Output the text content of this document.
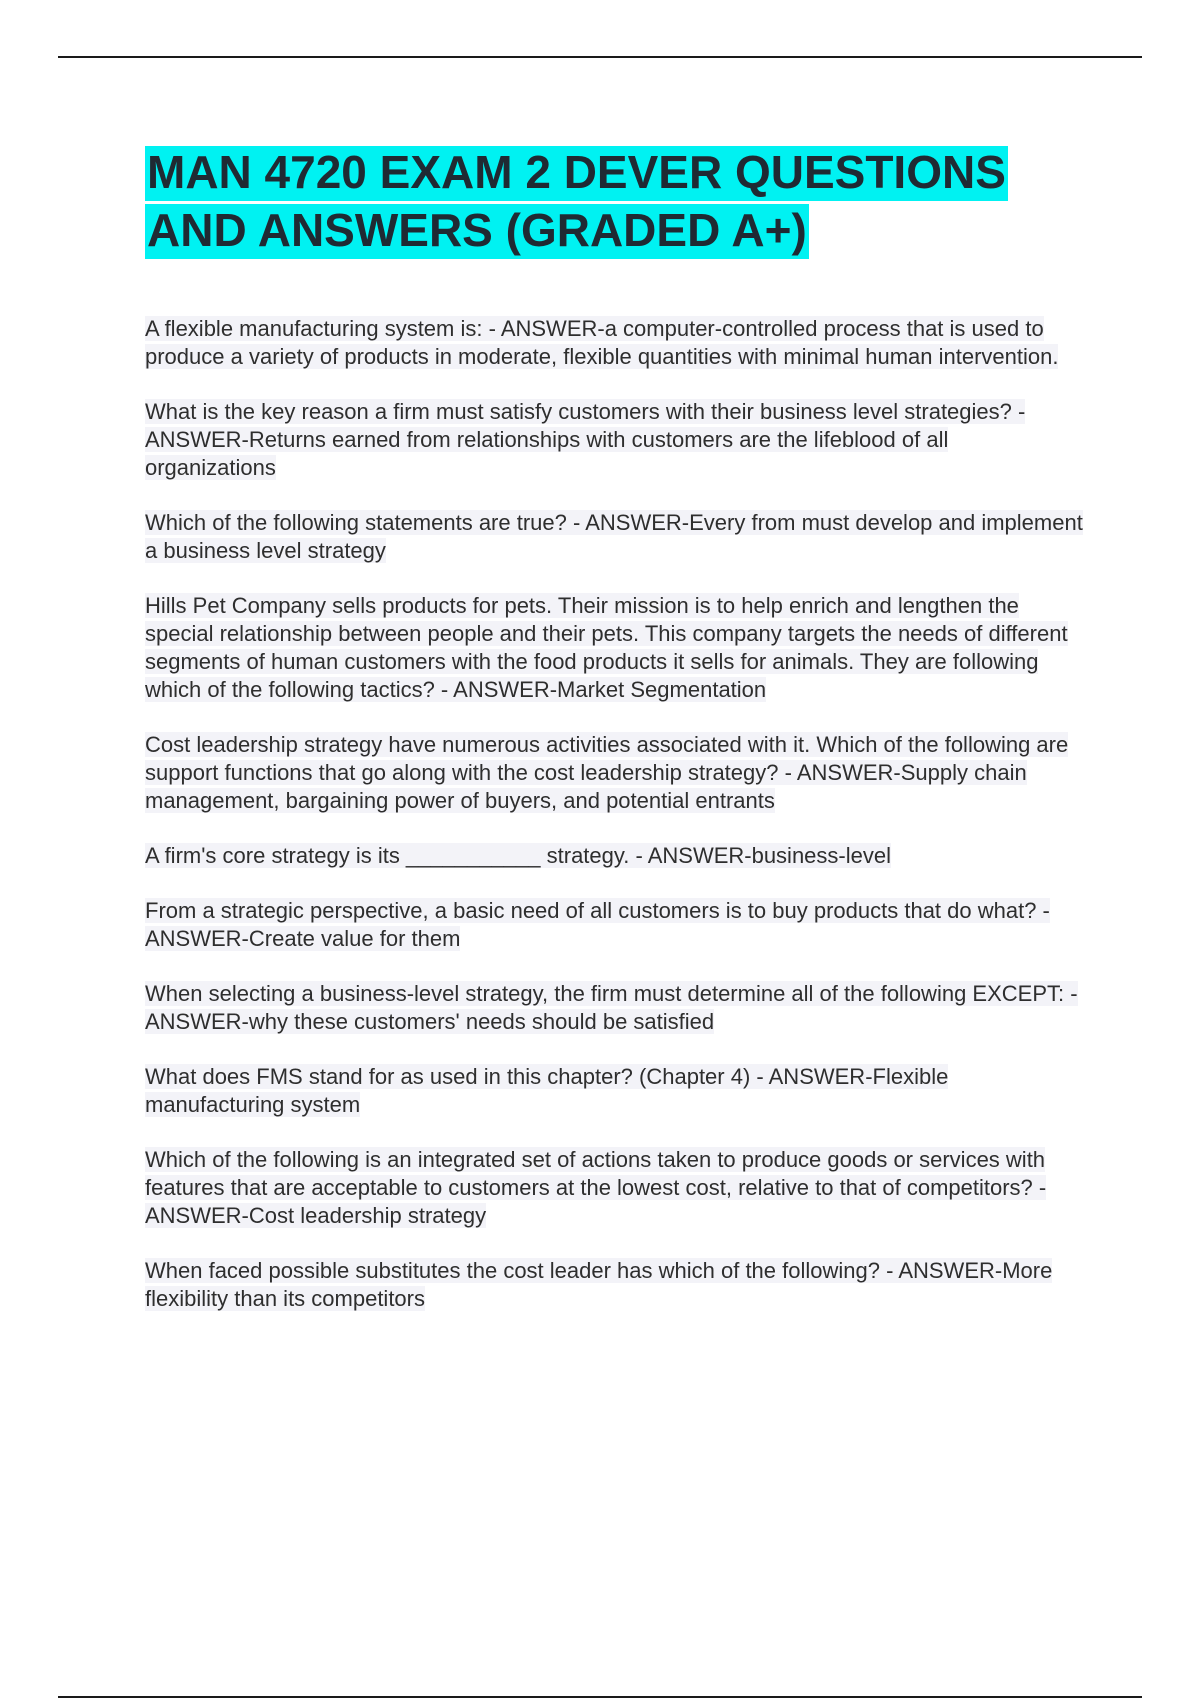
MAN 4720 EXAM 2 DEVER QUESTIONS AND ANSWERS (GRADED A+)

A flexible manufacturing system is: - ANSWER-a computer-controlled process that is used to produce a variety of products in moderate, flexible quantities with minimal human intervention.

What is the key reason a firm must satisfy customers with their business level strategies? - ANSWER-Returns earned from relationships with customers are the lifeblood of all organizations

Which of the following statements are true? - ANSWER-Every from must develop and implement a business level strategy

Hills Pet Company sells products for pets. Their mission is to help enrich and lengthen the special relationship between people and their pets. This company targets the needs of different segments of human customers with the food products it sells for animals. They are following which of the following tactics? - ANSWER-Market Segmentation

Cost leadership strategy have numerous activities associated with it. Which of the following are support functions that go along with the cost leadership strategy? - ANSWER-Supply chain management, bargaining power of buyers, and potential entrants

A firm's core strategy is its ___________ strategy. - ANSWER-business-level

From a strategic perspective, a basic need of all customers is to buy products that do what? - ANSWER-Create value for them

When selecting a business-level strategy, the firm must determine all of the following EXCEPT: - ANSWER-why these customers' needs should be satisfied

What does FMS stand for as used in this chapter? (Chapter 4) - ANSWER-Flexible manufacturing system

Which of the following is an integrated set of actions taken to produce goods or services with features that are acceptable to customers at the lowest cost, relative to that of competitors? - ANSWER-Cost leadership strategy

When faced possible substitutes the cost leader has which of the following? - ANSWER-More flexibility than its competitors
